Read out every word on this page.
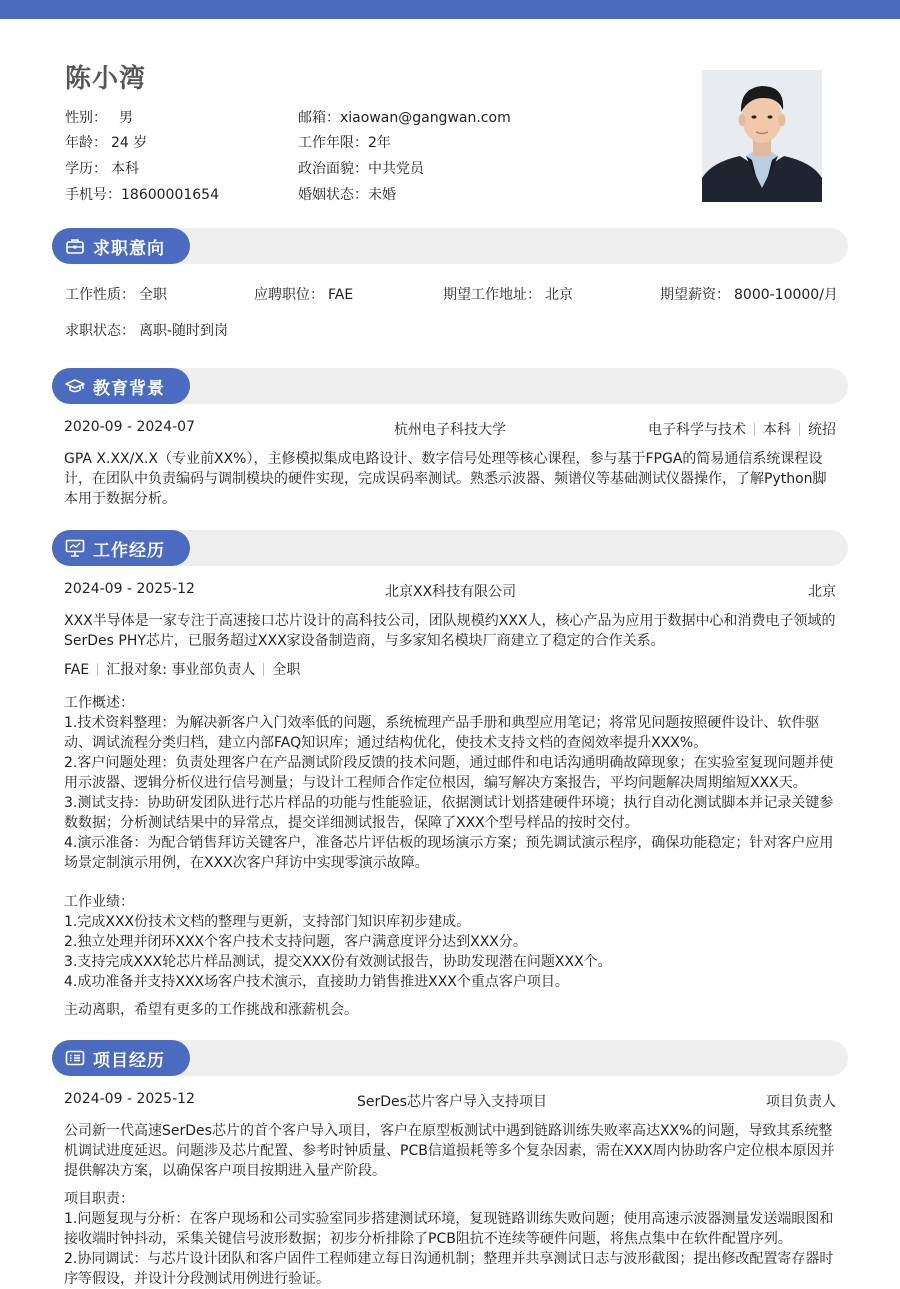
陈小湾
性别： 男
年龄： 24 岁
学历： 本科
手机号：18600001654
邮箱：xiaowan@gangwan.com
工作年限：2年
政治面貌：中共党员
婚姻状态：未婚
求职意向
工作性质： 全职	应聘职位： FAE	期望工作地址： 北京	期望薪资： 8000-10000/月
求职状态： 离职-随时到岗
教育背景
2020-09 - 2024-07	杭州电子科技大学	电子科学与技术 本科 统招
GPA X.XX/X.X（专业前XX%），主修模拟集成电路设计、数字信号处理等核心课程，参与基于FPGA的简易通信系统课程设
计，在团队中负责编码与调制模块的硬件实现，完成误码率测试。熟悉示波器、频谱仪等基础测试仪器操作，了解Python脚
本用于数据分析。
工作经历
2024-09 - 2025-12	北京XX科技有限公司	北京
XXX半导体是一家专注于高速接口芯片设计的高科技公司，团队规模约XXX人，核心产品为应用于数据中心和消费电子领域的
SerDes PHY芯片，已服务超过XXX家设备制造商，与多家知名模块厂商建立了稳定的合作关系。
FAE 汇报对象: 事业部负责人 全职
工作概述：
1.技术资料整理：为解决新客户入门效率低的问题，系统梳理产品手册和典型应用笔记；将常见问题按照硬件设计、软件驱
动、调试流程分类归档，建立内部FAQ知识库；通过结构优化，使技术支持文档的查阅效率提升XXX%。
2.客户问题处理：负责处理客户在产品测试阶段反馈的技术问题，通过邮件和电话沟通明确故障现象；在实验室复现问题并使
用示波器、逻辑分析仪进行信号测量；与设计工程师合作定位根因，编写解决方案报告，平均问题解决周期缩短XXX天。
3.测试支持：协助研发团队进行芯片样品的功能与性能验证，依据测试计划搭建硬件环境；执行自动化测试脚本并记录关键参
数数据；分析测试结果中的异常点，提交详细测试报告，保障了XXX个型号样品的按时交付。
4.演示准备：为配合销售拜访关键客户，准备芯片评估板的现场演示方案；预先调试演示程序，确保功能稳定；针对客户应用
场景定制演示用例，在XXX次客户拜访中实现零演示故障。
工作业绩：
1.完成XXX份技术文档的整理与更新，支持部门知识库初步建成。
2.独立处理并闭环XXX个客户技术支持问题，客户满意度评分达到XXX分。
3.支持完成XXX轮芯片样品测试，提交XXX份有效测试报告，协助发现潜在问题XXX个。
4.成功准备并支持XXX场客户技术演示，直接助力销售推进XXX个重点客户项目。
主动离职，希望有更多的工作挑战和涨薪机会。
项目经历
2024-09 - 2025-12	SerDes芯片客户导入支持项目	项目负责人
公司新一代高速SerDes芯片的首个客户导入项目，客户在原型板测试中遇到链路训练失败率高达XX%的问题，导致其系统整
机调试进度延迟。问题涉及芯片配置、参考时钟质量、PCB信道损耗等多个复杂因素，需在XXX周内协助客户定位根本原因并
提供解决方案，以确保客户项目按期进入量产阶段。
项目职责：
1.问题复现与分析：在客户现场和公司实验室同步搭建测试环境，复现链路训练失败问题；使用高速示波器测量发送端眼图和
接收端时钟抖动，采集关键信号波形数据；初步分析排除了PCB阻抗不连续等硬件问题，将焦点集中在软件配置序列。
2.协同调试：与芯片设计团队和客户固件工程师建立每日沟通机制；整理并共享测试日志与波形截图；提出修改配置寄存器时
序等假设，并设计分段测试用例进行验证。
